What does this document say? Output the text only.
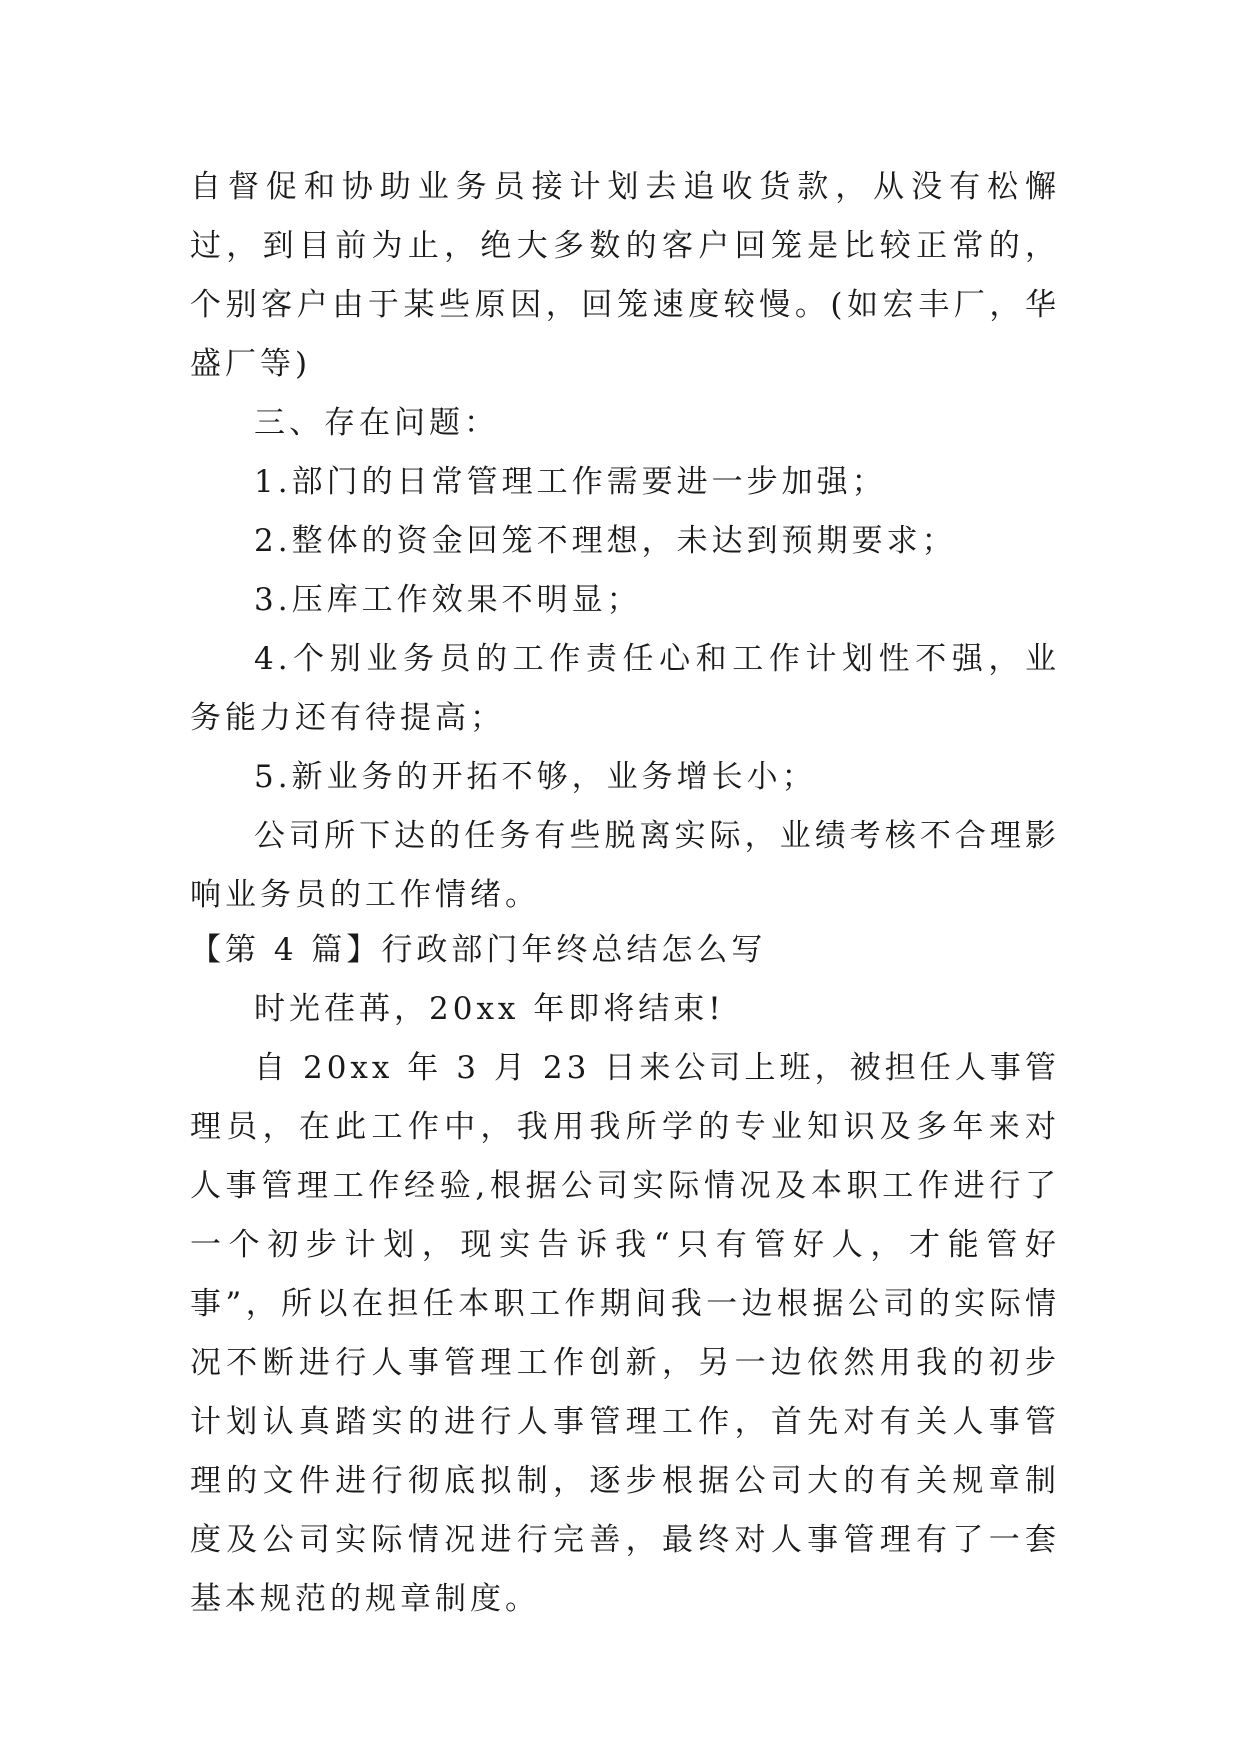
自督促和协助业务员接计划去追收货款，从没有松懈过，到目前为止，绝大多数的客户回笼是比较正常的，个别客户由于某些原因，回笼速度较慢。(如宏丰厂，华盛厂等)

三、存在问题：

1.部门的日常管理工作需要进一步加强；

2.整体的资金回笼不理想，未达到预期要求；

3.压库工作效果不明显；

4.个别业务员的工作责任心和工作计划性不强，业务能力还有待提高；

5.新业务的开拓不够，业务增长小；

公司所下达的任务有些脱离实际，业绩考核不合理影响业务员的工作情绪。

【第 4 篇】行政部门年终总结怎么写

时光荏苒，20xx 年即将结束!

自 20xx 年 3 月 23 日来公司上班，被担任人事管理员，在此工作中，我用我所学的专业知识及多年来对人事管理工作经验,根据公司实际情况及本职工作进行了一个初步计划，现实告诉我“只有管好人，才能管好事”，所以在担任本职工作期间我一边根据公司的实际情况不断进行人事管理工作创新，另一边依然用我的初步计划认真踏实的进行人事管理工作，首先对有关人事管理的文件进行彻底拟制，逐步根据公司大的有关规章制度及公司实际情况进行完善，最终对人事管理有了一套基本规范的规章制度。
